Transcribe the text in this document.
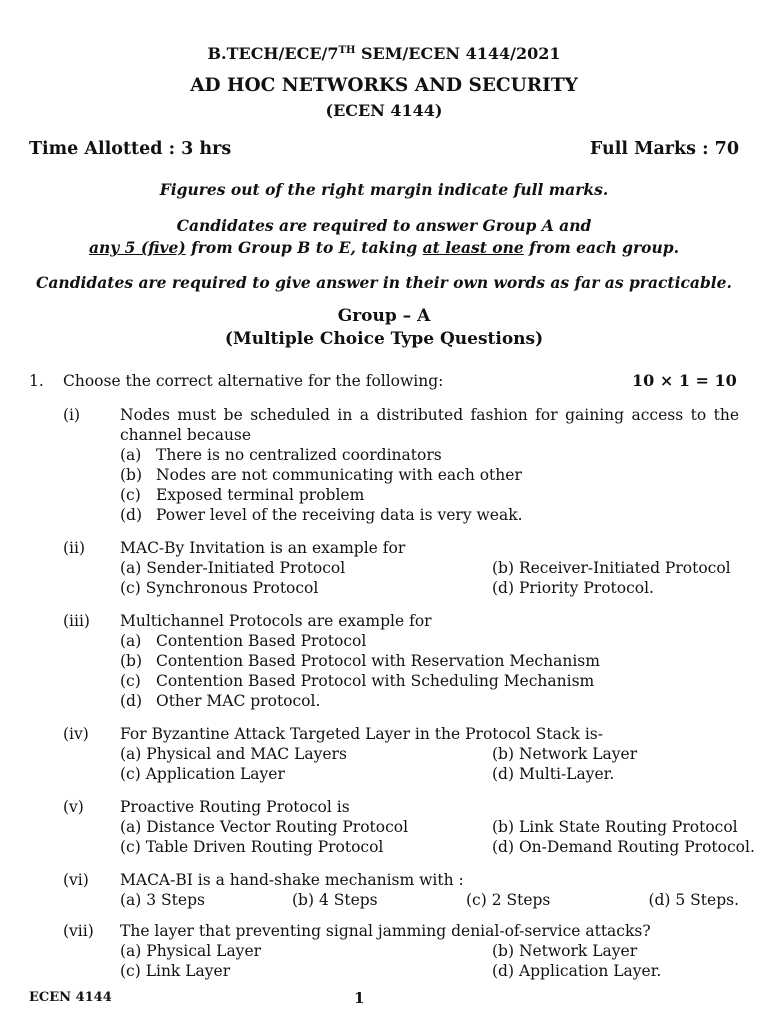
B.TECH/ECE/7TH SEM/ECEN 4144/2021
AD HOC NETWORKS AND SECURITY
(ECEN 4144)
Time Allotted : 3 hrs	Full Marks : 70
Figures out of the right margin indicate full marks.
Candidates are required to answer Group A and
any 5 (five) from Group B to E, taking at least one from each group.
Candidates are required to give answer in their own words as far as practicable.
Group – A
(Multiple Choice Type Questions)
1. Choose the correct alternative for the following:	10 × 1 = 10
(i)	Nodes must be scheduled in a distributed fashion for gaining access to the
channel because
(a) There is no centralized coordinators
(b) Nodes are not communicating with each other
(c) Exposed terminal problem
(d) Power level of the receiving data is very weak.
(ii) MAC-By Invitation is an example for
(a) Sender-Initiated Protocol	(b) Receiver-Initiated Protocol
(c) Synchronous Protocol	(d) Priority Protocol.
(iii) Multichannel Protocols are example for
(a) Contention Based Protocol
(b) Contention Based Protocol with Reservation Mechanism
(c) Contention Based Protocol with Scheduling Mechanism
(d) Other MAC protocol.
(iv) For Byzantine Attack Targeted Layer in the Protocol Stack is-
(a) Physical and MAC Layers	(b) Network Layer
(c) Application Layer	(d) Multi-Layer.
(v) Proactive Routing Protocol is
(a) Distance Vector Routing Protocol	(b) Link State Routing Protocol
(c) Table Driven Routing Protocol	(d) On-Demand Routing Protocol.
(vi) MACA-BI is a hand-shake mechanism with :
(a) 3 Steps	(b) 4 Steps	(c) 2 Steps	(d) 5 Steps.
(vii) The layer that preventing signal jamming denial-of-service attacks?
(a) Physical Layer	(b) Network Layer
(c) Link Layer	(d) Application Layer.
ECEN 4144	1
